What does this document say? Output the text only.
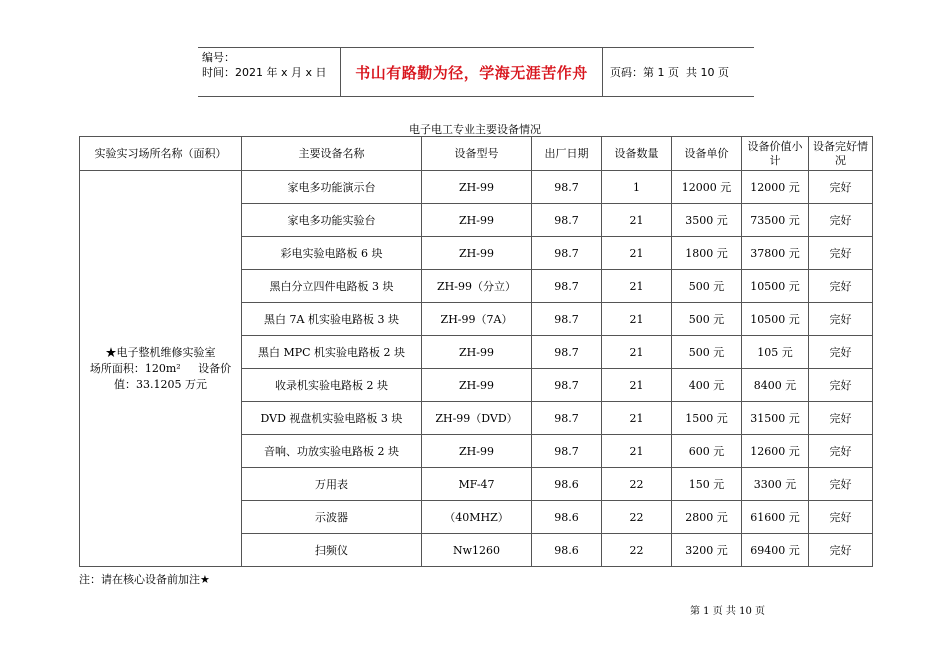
编号：
时间：2021 年 x 月 x 日	书山有路勤为径，学海无涯苦作舟	页码：第 1 页  共 10 页
电子电工专业主要设备情况
实验实习场所名称（面积）	主要设备名称	设备型号	出厂日期	设备数量	设备单价	设备价值小计	设备完好情况

★电子整机维修实验室
场所面积：120m²     设备价
值：33.1205 万元	家电多功能演示台	ZH-99	98.7	1	12000 元	12000 元	完好
	家电多功能实验台	ZH-99	98.7	21	3500 元	73500 元	完好
	彩电实验电路板 6 块	ZH-99	98.7	21	1800 元	37800 元	完好
	黑白分立四件电路板 3 块	ZH-99（分立）	98.7	21	500 元	10500 元	完好
	黑白 7A 机实验电路板 3 块	ZH-99（7A）	98.7	21	500 元	10500 元	完好
	黑白 MPC 机实验电路板 2 块	ZH-99	98.7	21	500 元	105 元	完好
	收录机实验电路板 2 块	ZH-99	98.7	21	400 元	8400 元	完好
	DVD 视盘机实验电路板 3 块	ZH-99（DVD）	98.7	21	1500 元	31500 元	完好
	音响、功放实验电路板 2 块	ZH-99	98.7	21	600 元	12600 元	完好
	万用表	MF-47	98.6	22	150 元	3300 元	完好
	示波器	（40MHZ）	98.6	22	2800 元	61600 元	完好
	扫频仪	Nw1260	98.6	22	3200 元	69400 元	完好
注：请在核心设备前加注★
第 1 页 共 10 页
